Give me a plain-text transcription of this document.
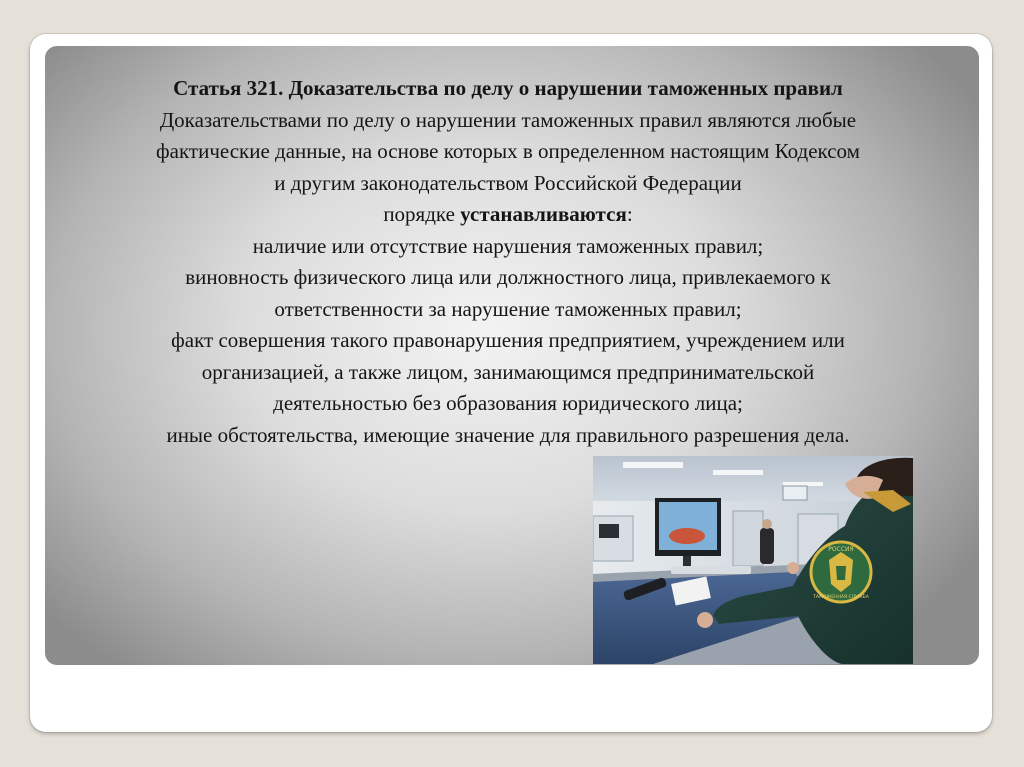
Статья 321. Доказательства по делу о нарушении таможенных правил

Доказательствами по делу о нарушении таможенных правил являются любые

фактические данные, на основе которых в определенном настоящим Кодексом

и другим законодательством Российской Федерации

порядке устанавливаются:

наличие или отсутствие нарушения таможенных правил;

виновность физического лица или должностного лица, привлекаемого к

ответственности за нарушение таможенных правил;

факт совершения такого правонарушения предприятием, учреждением или

организацией, а также лицом, занимающимся предпринимательской

деятельностью без образования юридического лица;

иные обстоятельства, имеющие значение для правильного разрешения дела.

РОССИЯ
ТАМОЖЕННАЯ СЛУЖБА
